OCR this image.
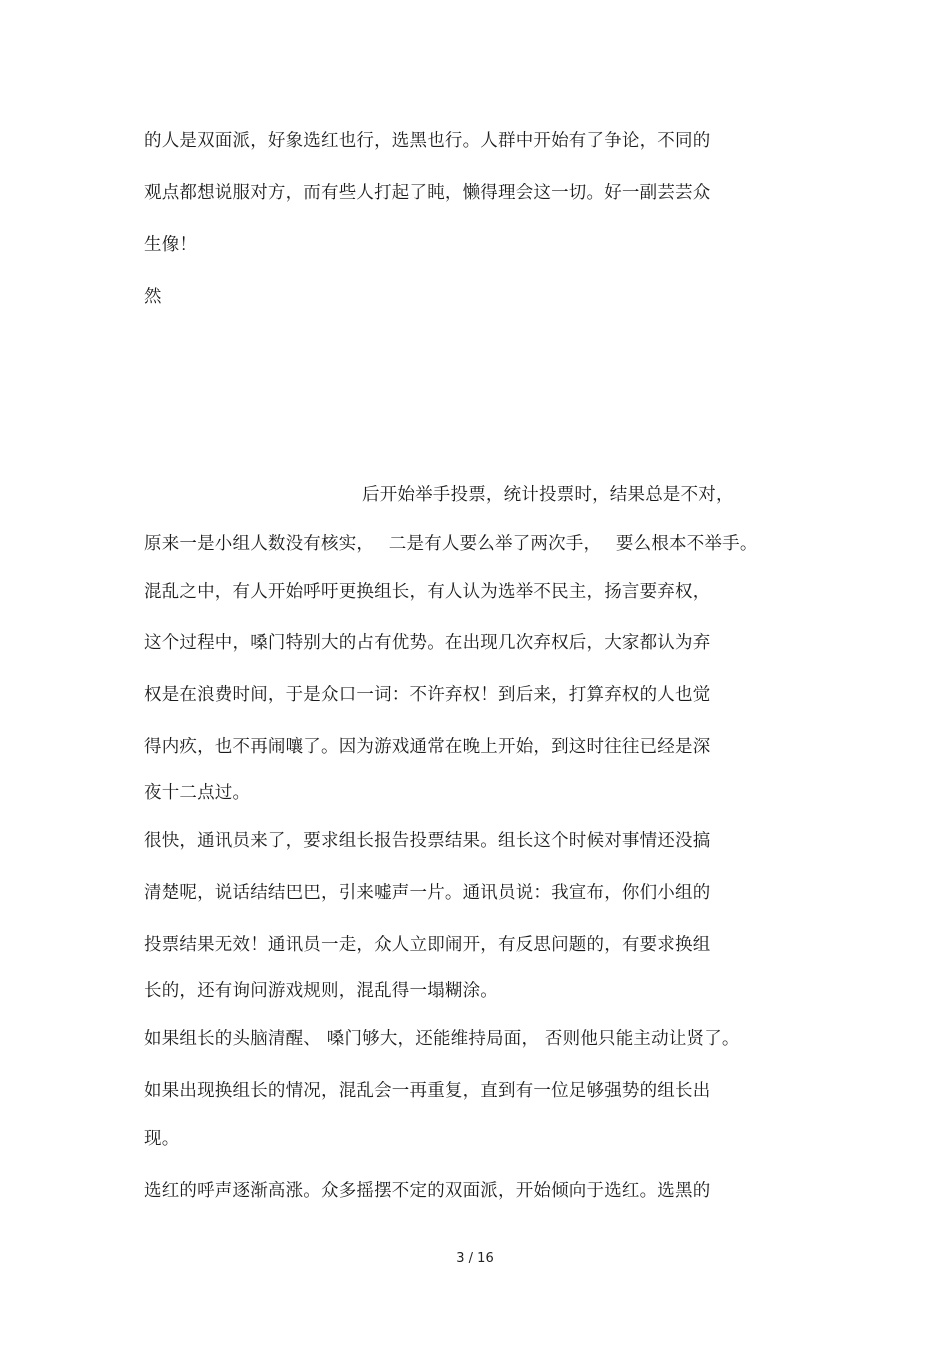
的人是双面派，好象选红也行，选黑也行。人群中开始有了争论，不同的
观点都想说服对方，而有些人打起了盹，懒得理会这一切。好一副芸芸众
生像！
然
后开始举手投票，统计投票时，结果总是不对，
原来一是小组人数没有核实，　 二是有人要么举了两次手，　 要么根本不举手。
混乱之中，有人开始呼吁更换组长，有人认为选举不民主，扬言要弃权，
这个过程中，嗓门特别大的占有优势。在出现几次弃权后，大家都认为弃
权是在浪费时间，于是众口一词：不许弃权！到后来，打算弃权的人也觉
得内疚，也不再闹嚷了。因为游戏通常在晚上开始，到这时往往已经是深
夜十二点过。
很快，通讯员来了，要求组长报告投票结果。组长这个时候对事情还没搞
清楚呢，说话结结巴巴，引来嘘声一片。通讯员说：我宣布，你们小组的
投票结果无效！通讯员一走，众人立即闹开，有反思问题的，有要求换组
长的，还有询问游戏规则，混乱得一塌糊涂。
如果组长的头脑清醒、 嗓门够大，还能维持局面， 否则他只能主动让贤了。
如果出现换组长的情况，混乱会一再重复，直到有一位足够强势的组长出
现。
选红的呼声逐渐高涨。众多摇摆不定的双面派，开始倾向于选红。选黑的
3 / 16
